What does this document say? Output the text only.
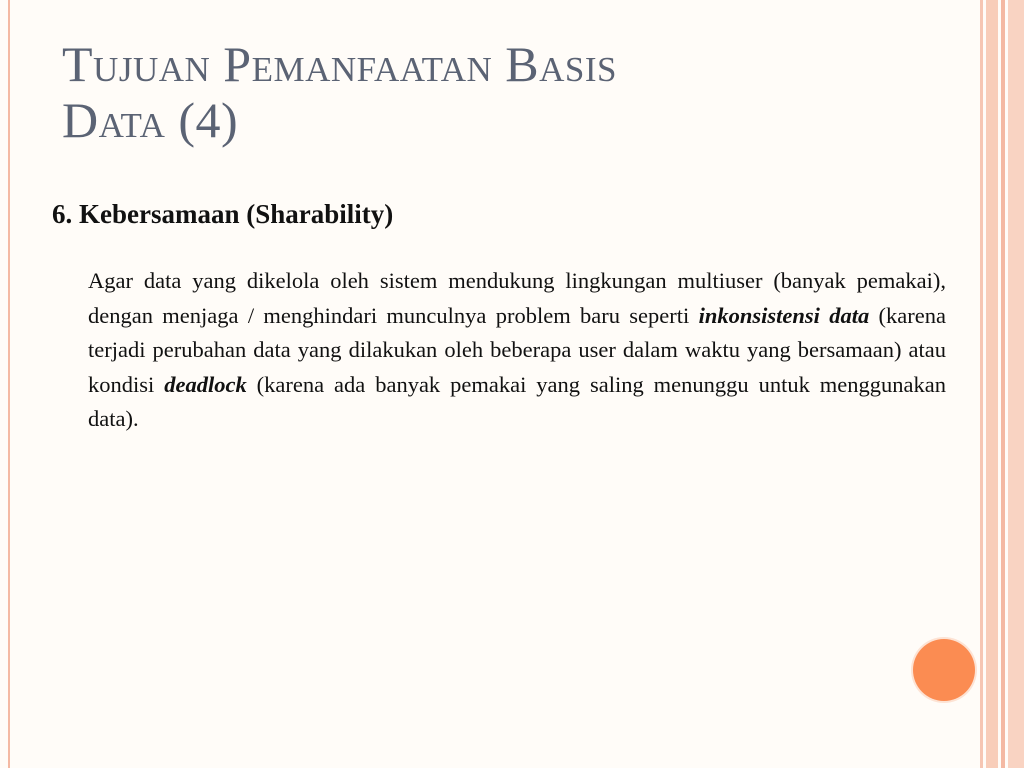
Tujuan Pemanfaatan Basis
Data (4)
6. Kebersamaan (Sharability)

Agar data yang dikelola oleh sistem mendukung lingkungan multiuser (banyak pemakai), dengan menjaga / menghindari munculnya problem baru seperti inkonsistensi data (karena terjadi perubahan data yang dilakukan oleh beberapa user dalam waktu yang bersamaan) atau kondisi deadlock (karena ada banyak pemakai yang saling menunggu untuk menggunakan data).
